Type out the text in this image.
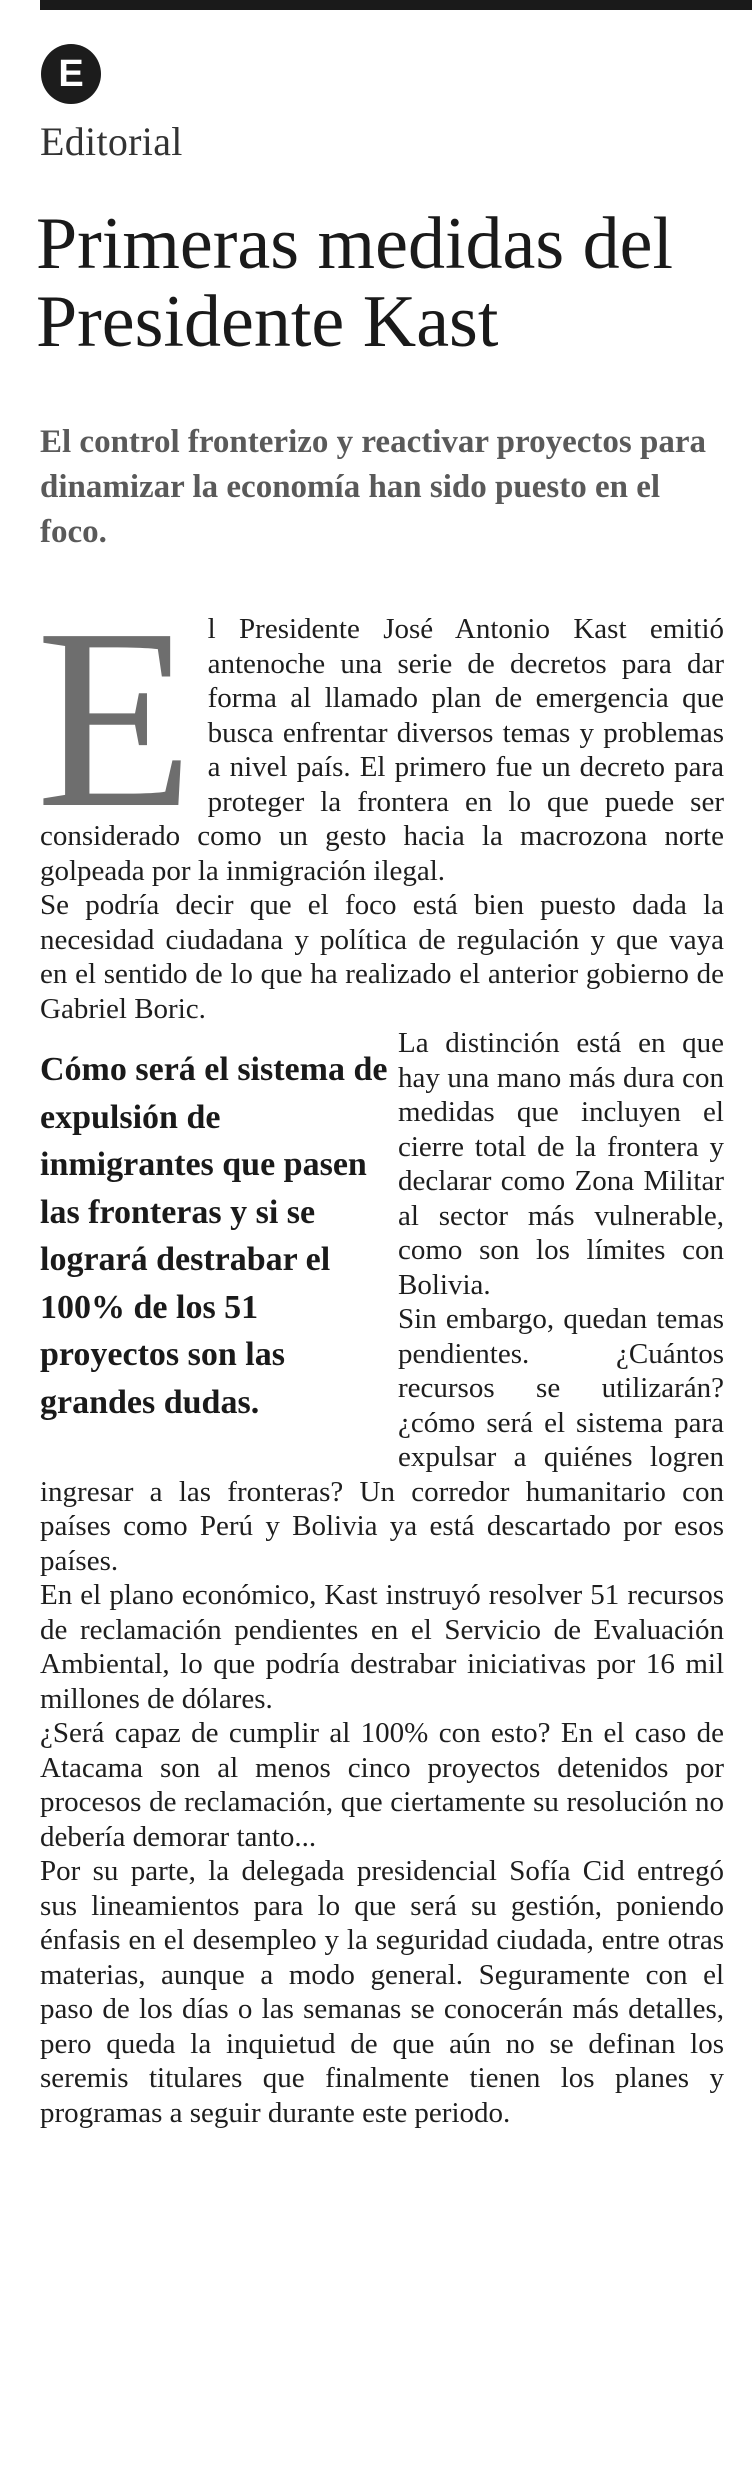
E
Editorial
Primeras medidas del Presidente Kast
El control fronterizo y reactivar proyectos para dinamizar la economía han sido puesto en el foco.

El Presidente José Antonio Kast emitió antenoche una serie de decretos para dar forma al llamado plan de emergencia que busca enfrentar diversos temas y problemas a nivel país. El primero fue un decreto para proteger la frontera en lo que puede ser considerado como un gesto hacia la macrozona norte golpeada por la inmigración ilegal.

Se podría decir que el foco está bien puesto dada la necesidad ciudadana y política de regulación y que vaya en el sentido de lo que ha realizado el anterior gobierno de Gabriel Boric.

Cómo será el sistema de expulsión de inmigrantes que pasen las fronteras y si se logrará destrabar el 100% de los 51 proyectos son las grandes dudas.
La distinción está en que hay una mano más dura con medidas que incluyen el cierre total de la frontera y declarar como Zona Militar al sector más vulnerable, como son los límites con Bolivia.

Sin embargo, quedan temas pendientes. ¿Cuántos recursos se utilizarán? ¿cómo será el sistema para expulsar a quiénes logren ingresar a las fronteras? Un corredor humanitario con países como Perú y Bolivia ya está descartado por esos países.

En el plano económico, Kast instruyó resolver 51 recursos de reclamación pendientes en el Servicio de Evaluación Ambiental, lo que podría destrabar iniciativas por 16 mil millones de dólares.

¿Será capaz de cumplir al 100% con esto? En el caso de Atacama son al menos cinco proyectos detenidos por procesos de reclamación, que ciertamente su resolución no debería demorar tanto...

Por su parte, la delegada presidencial Sofía Cid entregó sus lineamientos para lo que será su gestión, poniendo énfasis en el desempleo y la seguridad ciudada, entre otras materias, aunque a modo general. Seguramente con el paso de los días o las semanas se conocerán más detalles, pero queda la inquietud de que aún no se definan los seremis titulares que finalmente tienen los planes y programas a seguir durante este periodo.
